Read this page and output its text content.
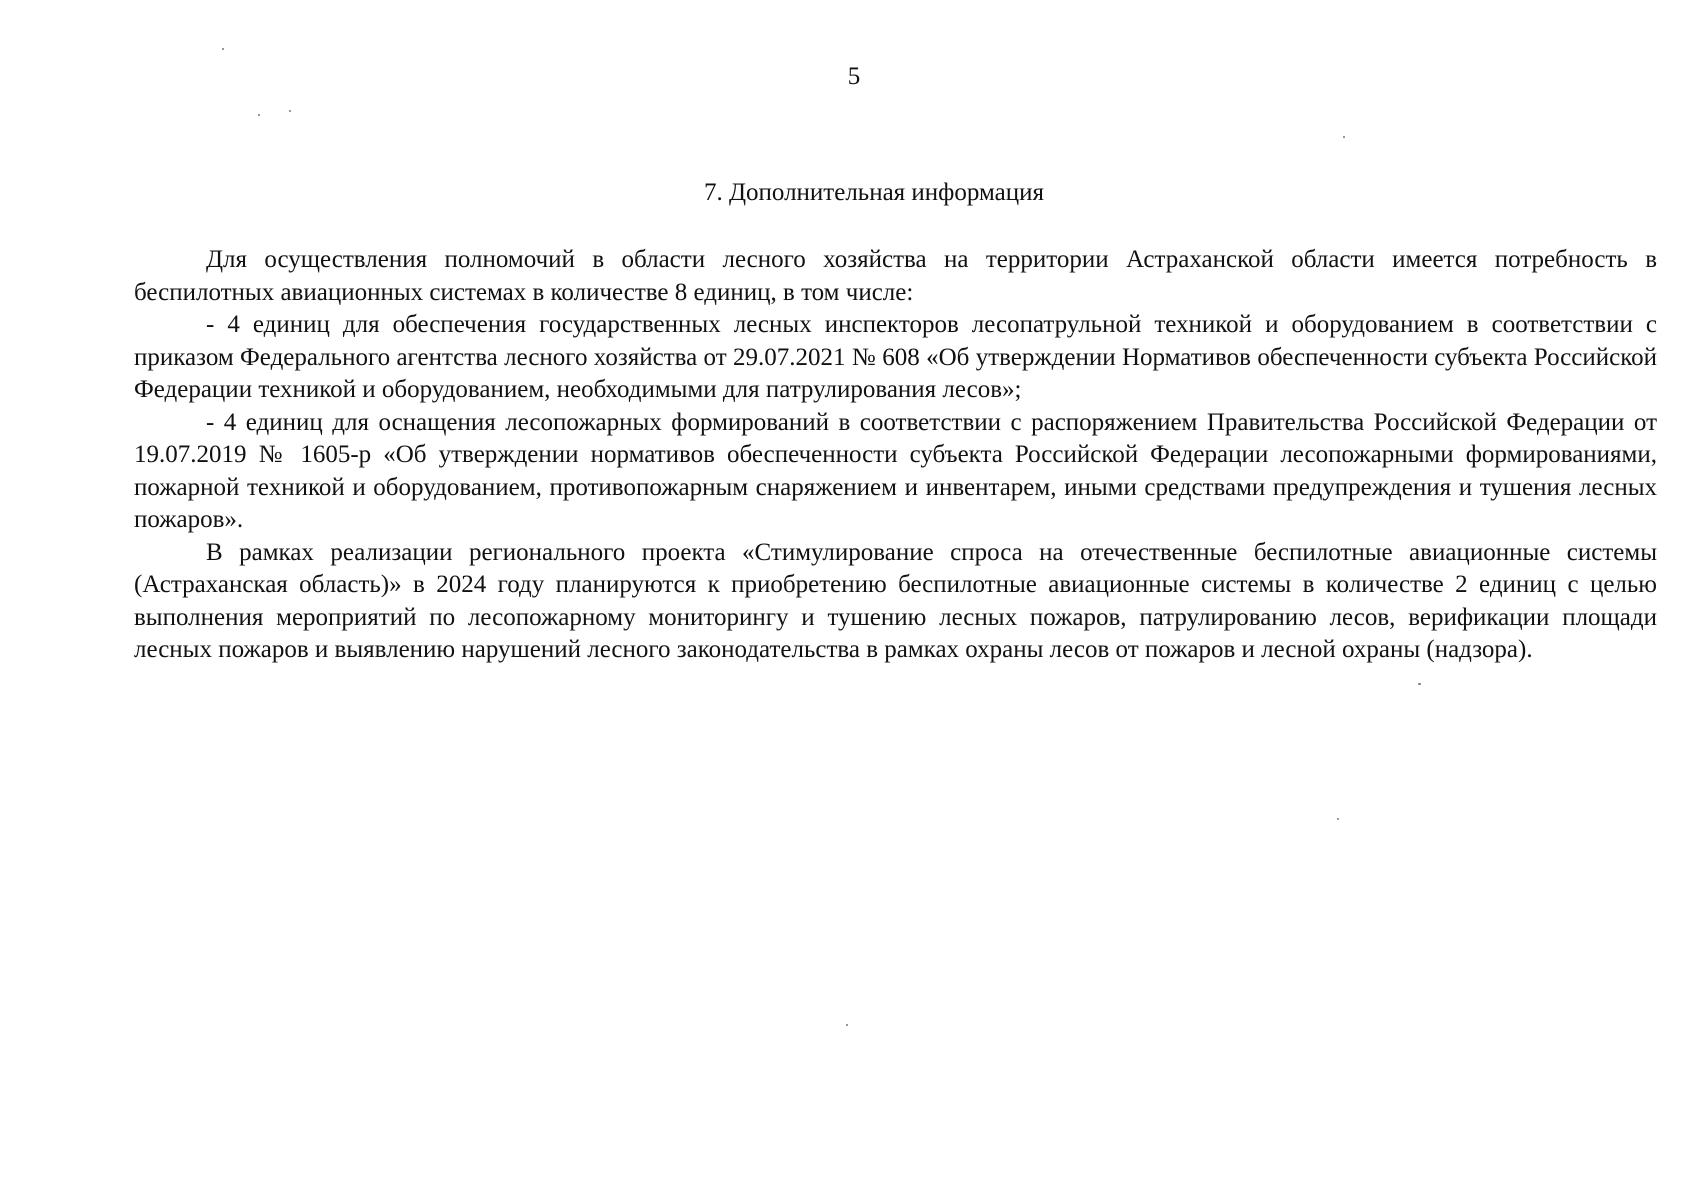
5
7. Дополнительная информация

Для осуществления полномочий в области лесного хозяйства на территории Астраханской области имеется потребность в беспилотных авиационных системах в количестве 8 единиц, в том числе:

- 4 единиц для обеспечения государственных лесных инспекторов лесопатрульной техникой и оборудованием в соответствии с приказом Федерального агентства лесного хозяйства от 29.07.2021 № 608 «Об утверждении Нормативов обеспеченности субъекта Российской Федерации техникой и оборудованием, необходимыми для патрулирования лесов»;

- 4 единиц для оснащения лесопожарных формирований в соответствии с распоряжением Правительства Российской Федерации от 19.07.2019 № 1605-р «Об утверждении нормативов обеспеченности субъекта Российской Федерации лесопожарными формированиями, пожарной техникой и оборудованием, противопожарным снаряжением и инвентарем, иными средствами предупреждения и тушения лесных пожаров».

В рамках реализации регионального проекта «Стимулирование спроса на отечественные беспилотные авиационные системы (Астраханская область)» в 2024 году планируются к приобретению беспилотные авиационные системы в количестве 2 единиц с целью выполнения мероприятий по лесопожарному мониторингу и тушению лесных пожаров, патрулированию лесов, верификации площади лесных пожаров и выявлению нарушений лесного законодательства в рамках охраны лесов от пожаров и лесной охраны (надзора).
